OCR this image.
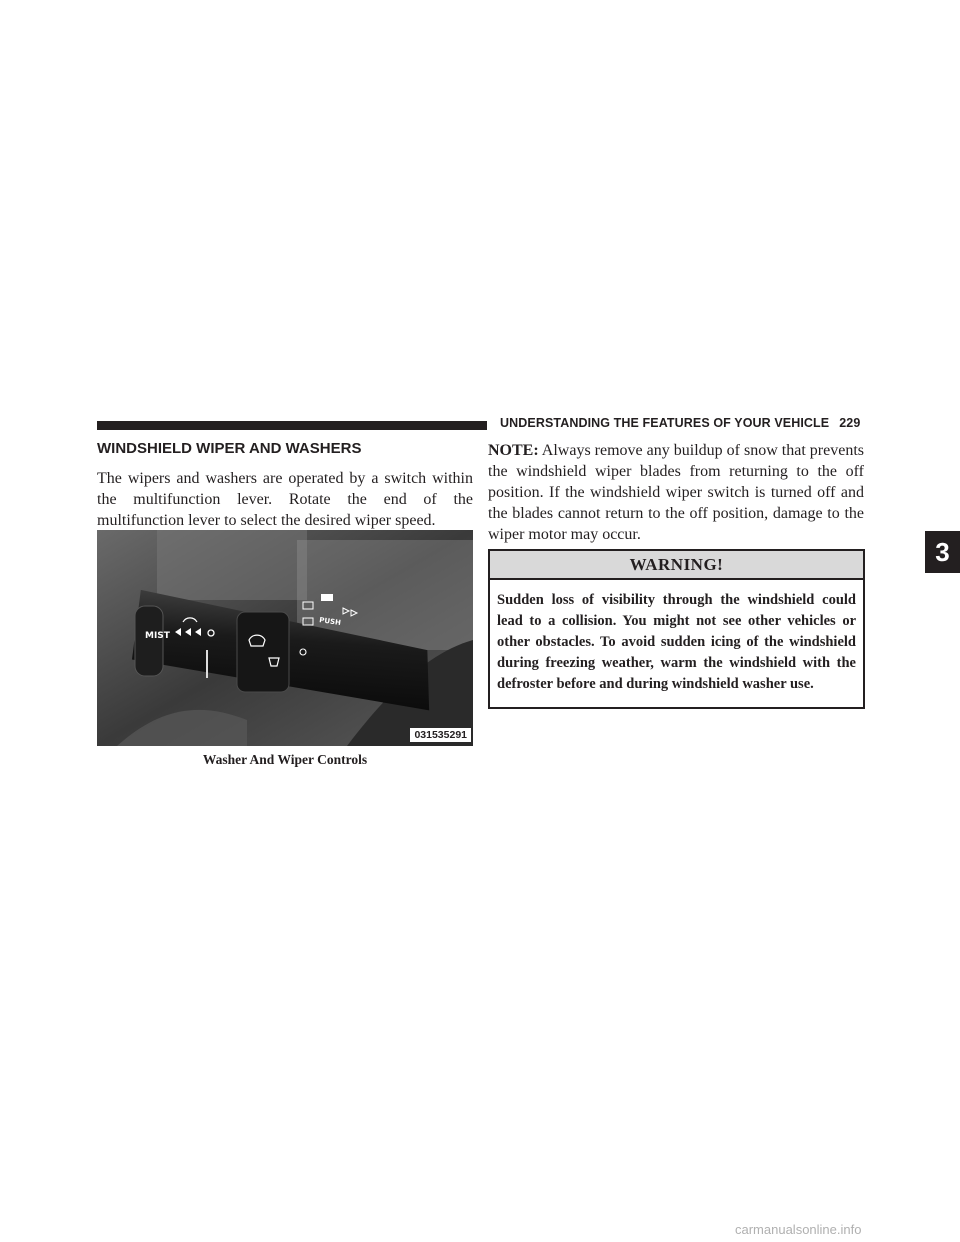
UNDERSTANDING THE FEATURES OF YOUR VEHICLE 229
WINDSHIELD WIPER AND WASHERS

The wipers and washers are operated by a switch within the multifunction lever. Rotate the end of the multifunction lever to select the desired wiper speed.

MIST
PUSH
031535291
Washer And Wiper Controls

NOTE: Always remove any buildup of snow that prevents the windshield wiper blades from returning to the off position. If the windshield wiper switch is turned off and the blades cannot return to the off position, damage to the wiper motor may occur.

WARNING!
Sudden loss of visibility through the windshield could lead to a collision. You might not see other vehicles or other obstacles. To avoid sudden icing of the windshield during freezing weather, warm the windshield with the defroster before and during windshield washer use.
3
carmanualsonline.info
